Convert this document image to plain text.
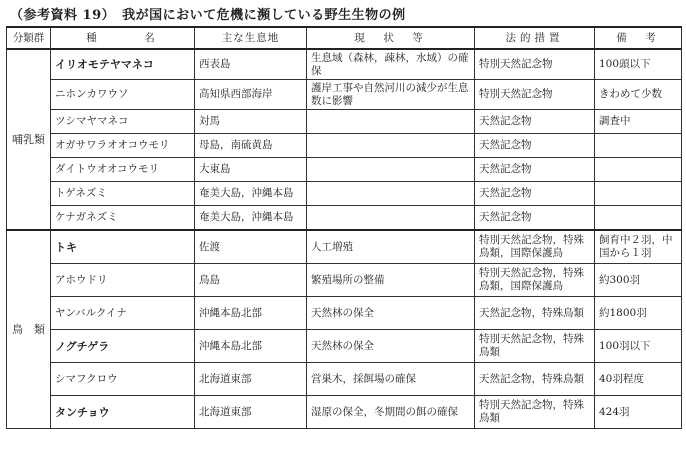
（参考資料 19）　我が国において危機に瀕している野生生物の例
分類群	種　　　名	主な生息地	現　状　等	法的措置	備　考
哺乳類	イリオモテヤマネコ	西表島	生息域（森林，疎林，水域）の確保	特別天然記念物	100頭以下
	ニホンカワウソ	高知県西部海岸	護岸工事や自然河川の減少が生息数に影響	特別天然記念物	きわめて少数
	ツシマヤマネコ	対馬		天然記念物	調査中
	オガサワラオオコウモリ	母島，南硫黄島		天然記念物	
	ダイトウオオコウモリ	大東島		天然記念物	
	トゲネズミ	奄美大島，沖縄本島		天然記念物	
	ケナガネズミ	奄美大島，沖縄本島		天然記念物	
鳥　類	トキ	佐渡	人工増殖	特別天然記念物，特殊鳥類，国際保護鳥	飼育中２羽，中国から１羽
	アホウドリ	鳥島	繁殖場所の整備	特別天然記念物，特殊鳥類，国際保護鳥	約300羽
	ヤンバルクイナ	沖縄本島北部	天然林の保全	天然記念物，特殊鳥類	約1800羽
	ノグチゲラ	沖縄本島北部	天然林の保全	特別天然記念物，特殊鳥類	100羽以下
	シマフクロウ	北海道東部	営巣木，採餌場の確保	天然記念物，特殊鳥類	40羽程度
	タンチョウ	北海道東部	湿原の保全，冬期間の餌の確保	特別天然記念物，特殊鳥類	424羽
